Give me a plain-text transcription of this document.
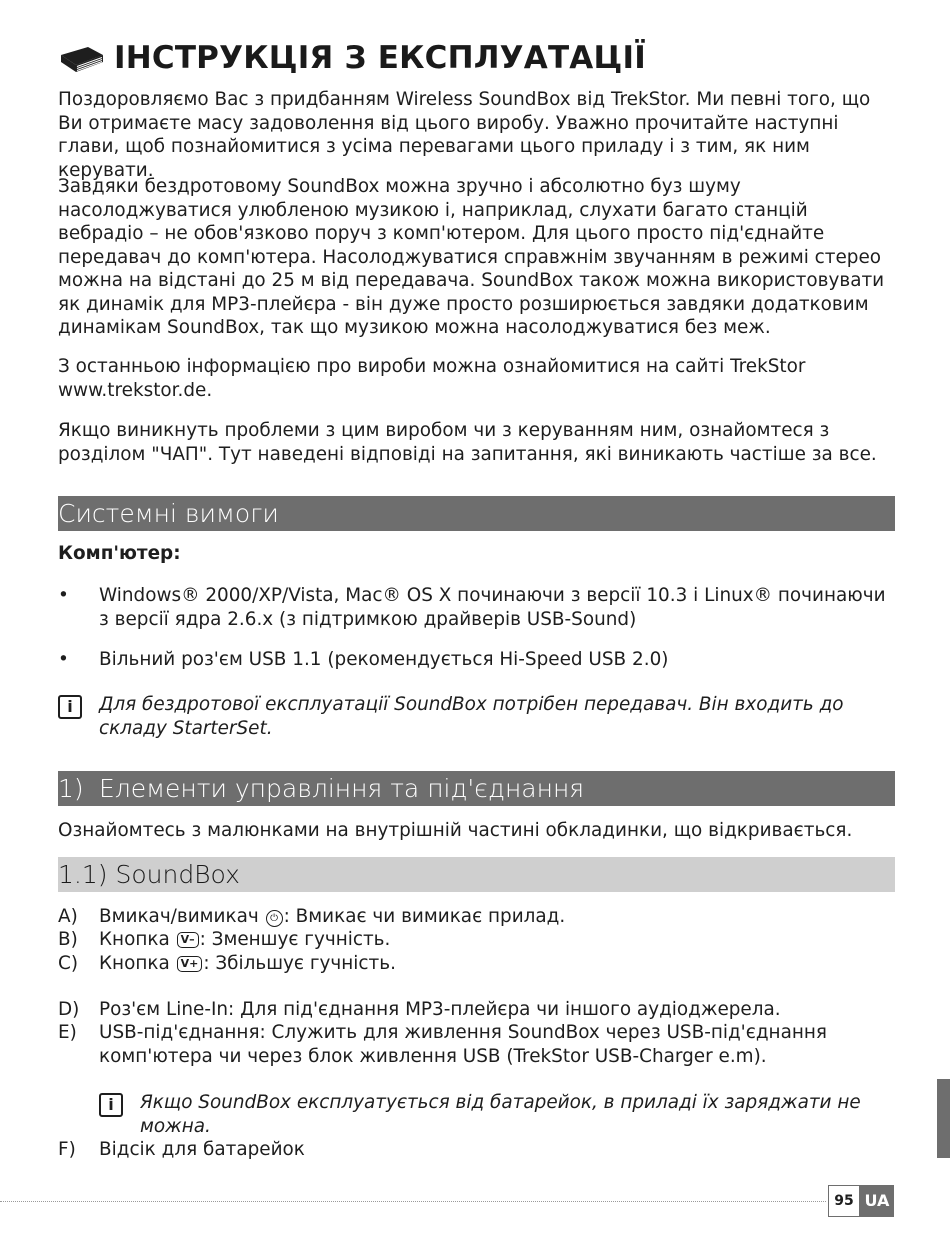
ІНСТРУКЦІЯ З ЕКСПЛУАТАЦІЇ

Поздоровляємо Вас з придбанням Wireless SoundBox від TrekStor. Ми певні того, що Ви отримаєте масу задоволення від цього виробу. Уважно прочитайте наступні глави, щоб познайомитися з усіма перевагами цього приладу і з тим, як ним керувати.

Завдяки бездротовому SoundBox можна зручно і абсолютно буз шуму насолоджуватися улюбленою музикою і, наприклад, слухати багато станцій вебрадіо – не обов'язково поруч з комп'ютером. Для цього просто під'єднайте передавач до комп'ютера. Насолоджуватися справжнім звучанням в режимі стерео можна на відстані до 25 м від передавача. SoundBox також можна використовувати як динамік для MP3-плейєра - він дуже просто розширюється завдяки додатковим динамікам SoundBox, так що музикою можна насолоджуватися без меж.

З останньою інформацією про вироби можна ознайомитися на сайті TrekStor www.trekstor.de.

Якщо виникнуть проблеми з цим виробом чи з керуванням ним, ознайомтеся з розділом "ЧАП". Тут наведені відповіді на запитання, які виникають частіше за все.

Системні вимоги
Комп'ютер:
• Windows® 2000/XP/Vista, Mac® OS X починаючи з версії 10.3 і Linux® починаючи з версії ядра 2.6.x (з підтримкою драйверів USB-Sound)
• Вільний роз'єм USB 1.1 (рекомендується Hi-Speed USB 2.0)
i	Для бездротової експлуатації SoundBox потрібен передавач. Він входить до складу StarterSet.
1) Елементи управління та під'єднання

Ознайомтесь з малюнками на внутрішній частині обкладинки, що відкривається.

1.1) SoundBox
A) Вмикач/вимикач ⏻ : Вмикає чи вимикає прилад.
B) Кнопка V– : Зменшує гучність.
C) Кнопка V+ : Збільшує гучність.
D) Роз'єм Line-In: Для під'єднання MP3-плейєра чи іншого аудіоджерела.
E) USB-під'єднання: Служить для живлення SoundBox через USB-під'єднання комп'ютера чи через блок живлення USB (TrekStor USB-Charger e.m).
i	Якщо SoundBox експлуатується від батарейок, в приладі їх заряджати не можна.
F) Відсік для батарейок
95 UA
